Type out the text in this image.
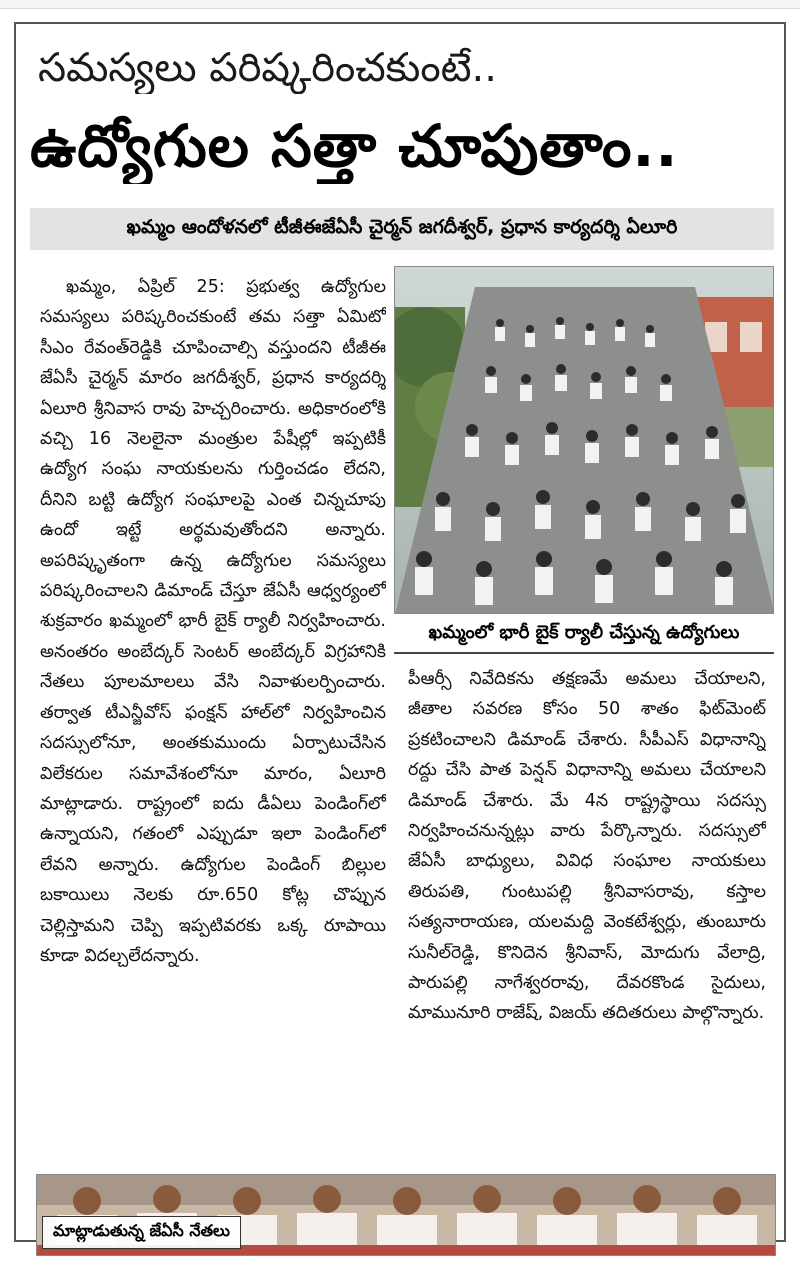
సమస్యలు పరిష్కరించకుంటే..
ఉద్యోగుల సత్తా చూపుతాం..
ఖమ్మం ఆందోళనలో టీజీఈజేఏసీ చైర్మన్ జగదీశ్వర్, ప్రధాన కార్యదర్శి ఏలూరి
ఖమ్మం, ఏప్రిల్ 25: ప్రభుత్వ ఉద్యోగుల సమస్యలు పరిష్కరించకుంటే తమ సత్తా ఏమిటో సీఎం రేవంత్‌రెడ్డికి చూపించాల్సి వస్తుందని టీజీఈ జేఏసీ చైర్మన్ మారం జగదీశ్వర్, ప్రధాన కార్యదర్శి ఏలూరి శ్రీనివాస రావు హెచ్చరించారు. అధికారంలోకి వచ్చి 16 నెలలైనా మంత్రుల పేషీల్లో ఇప్పటికీ ఉద్యోగ సంఘ నాయకులను గుర్తించడం లేదని, దీనిని బట్టి ఉద్యోగ సంఘాలపై ఎంత చిన్నచూపు ఉందో ఇట్టే అర్థమవుతోందని అన్నారు. అపరిష్కృతంగా ఉన్న ఉద్యోగుల సమస్యలు పరిష్కరించాలని డిమాండ్ చేస్తూ జేఏసీ ఆధ్వర్యంలో శుక్రవారం ఖమ్మంలో భారీ బైక్ ర్యాలీ నిర్వహించారు. అనంతరం అంబేద్కర్ సెంటర్ అంబేద్కర్ విగ్రహానికి నేతలు పూలమాలలు వేసి నివాళులర్పించారు. తర్వాత టీఎన్జీవోస్ ఫంక్షన్ హాల్‌లో నిర్వహించిన సదస్సులోనూ, అంతకుముందు ఏర్పాటుచేసిన విలేకరుల సమావేశంలోనూ మారం, ఏలూరి మాట్లాడారు. రాష్ట్రంలో ఐదు డీఏలు పెండింగ్‌లో ఉన్నాయని, గతంలో ఎప్పుడూ ఇలా పెండింగ్‌లో లేవని అన్నారు. ఉద్యోగుల పెండింగ్ బిల్లుల బకాయిలు నెలకు రూ.650 కోట్ల చొప్పున చెల్లిస్తామని చెప్పి ఇప్పటివరకు ఒక్క రూపాయి కూడా విదల్చలేదన్నారు.
ఖమ్మంలో భారీ బైక్ ర్యాలీ చేస్తున్న ఉద్యోగులు
పీఆర్సీ నివేదికను తక్షణమే అమలు చేయాలని, జీతాల సవరణ కోసం 50 శాతం ఫిట్‌మెంట్ ప్రకటించాలని డిమాండ్ చేశారు. సీపీఎస్ విధానాన్ని రద్దు చేసి పాత పెన్షన్ విధానాన్ని అమలు చేయాలని డిమాండ్ చేశారు. మే 4న రాష్ట్రస్థాయి సదస్సు నిర్వహించనున్నట్లు వారు పేర్కొన్నారు. సదస్సులో జేఏసీ బాధ్యులు, వివిధ సంఘాల నాయకులు తిరుపతి, గుంటుపల్లి శ్రీనివాసరావు, కస్తాల సత్యనారాయణ, యలమద్ది వెంకటేశ్వర్లు, తుంబూరు సునీల్‌రెడ్డి, కొనిదెన శ్రీనివాస్, మోదుగు వేలాద్రి, పారుపల్లి నాగేశ్వరరావు, దేవరకొండ సైదులు, మామునూరి రాజేష్, విజయ్ తదితరులు పాల్గొన్నారు.
మాట్లాడుతున్న జేఏసీ నేతలు
